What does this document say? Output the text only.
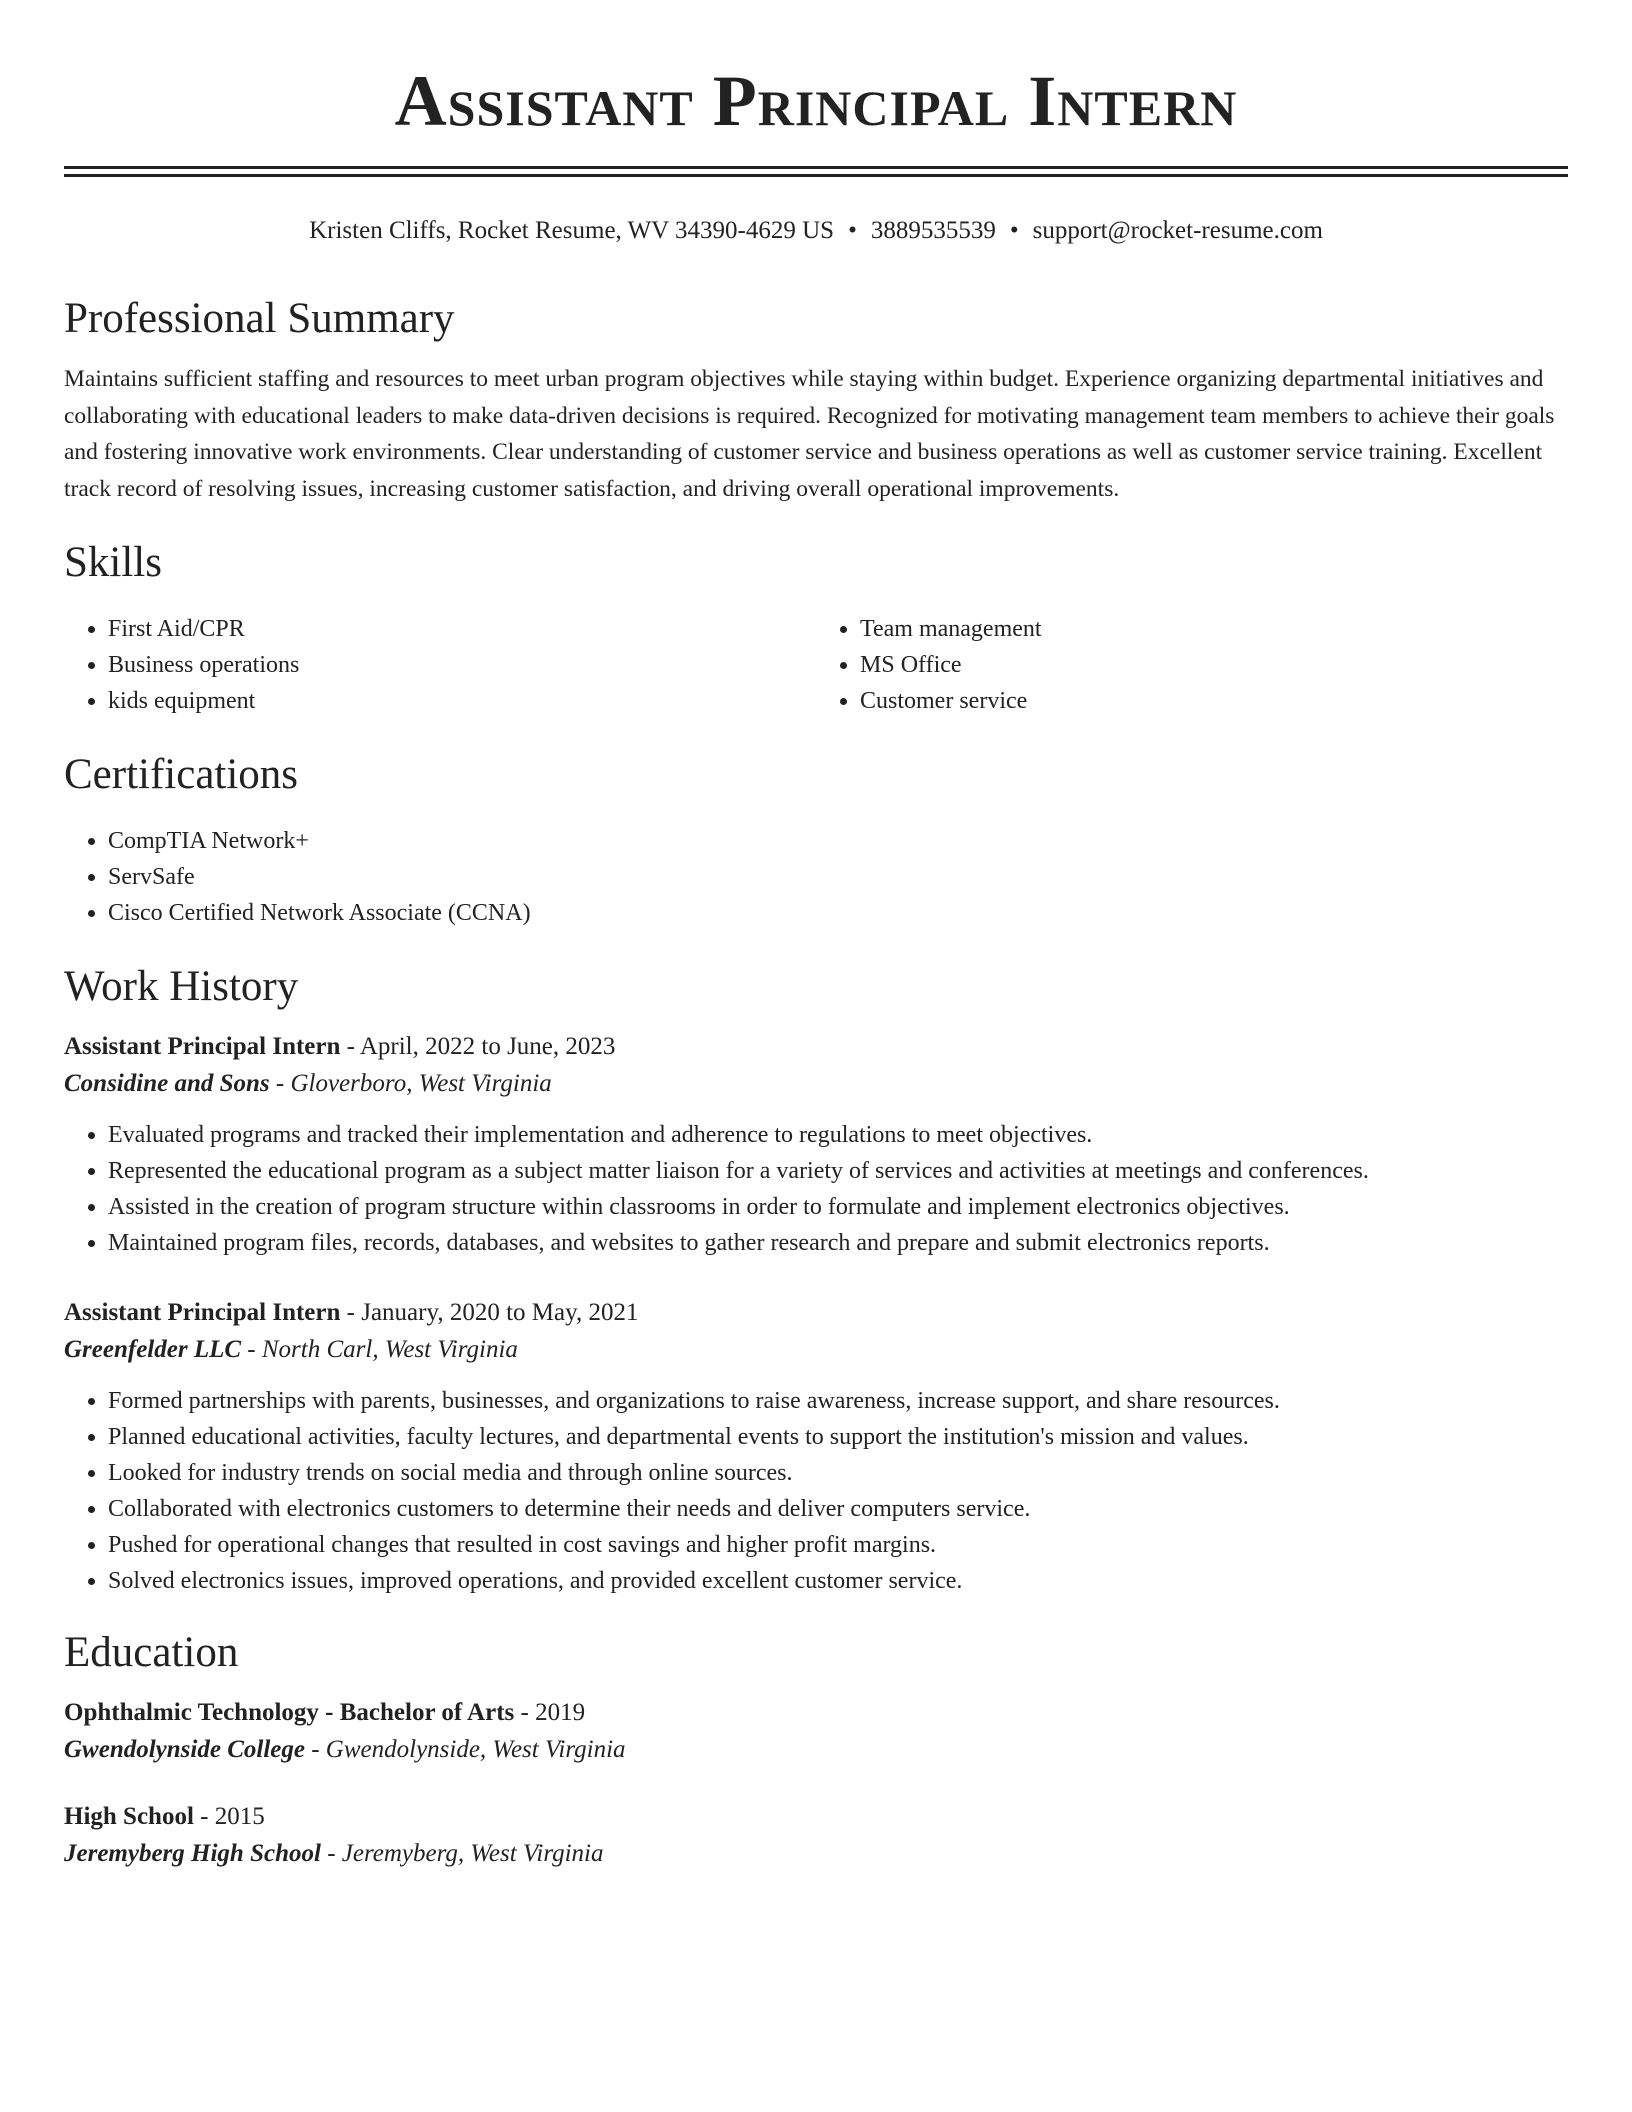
Assistant Principal Intern
Kristen Cliffs, Rocket Resume, WV 34390-4629 US • 3889535539 • support@rocket-resume.com
Professional Summary

Maintains sufficient staffing and resources to meet urban program objectives while staying within budget. Experience organizing departmental initiatives and collaborating with educational leaders to make data-driven decisions is required. Recognized for motivating management team members to achieve their goals and fostering innovative work environments. Clear understanding of customer service and business operations as well as customer service training. Excellent track record of resolving issues, increasing customer satisfaction, and driving overall operational improvements.

Skills
• First Aid/CPR
• Business operations
• kids equipment
• Team management
• MS Office
• Customer service
Certifications
• CompTIA Network+
• ServSafe
• Cisco Certified Network Associate (CCNA)
Work History
Assistant Principal Intern - April, 2022 to June, 2023
Considine and Sons - Gloverboro, West Virginia
• Evaluated programs and tracked their implementation and adherence to regulations to meet objectives.
• Represented the educational program as a subject matter liaison for a variety of services and activities at meetings and conferences.
• Assisted in the creation of program structure within classrooms in order to formulate and implement electronics objectives.
• Maintained program files, records, databases, and websites to gather research and prepare and submit electronics reports.
Assistant Principal Intern - January, 2020 to May, 2021
Greenfelder LLC - North Carl, West Virginia
• Formed partnerships with parents, businesses, and organizations to raise awareness, increase support, and share resources.
• Planned educational activities, faculty lectures, and departmental events to support the institution's mission and values.
• Looked for industry trends on social media and through online sources.
• Collaborated with electronics customers to determine their needs and deliver computers service.
• Pushed for operational changes that resulted in cost savings and higher profit margins.
• Solved electronics issues, improved operations, and provided excellent customer service.
Education
Ophthalmic Technology - Bachelor of Arts - 2019
Gwendolynside College - Gwendolynside, West Virginia
High School - 2015
Jeremyberg High School - Jeremyberg, West Virginia
